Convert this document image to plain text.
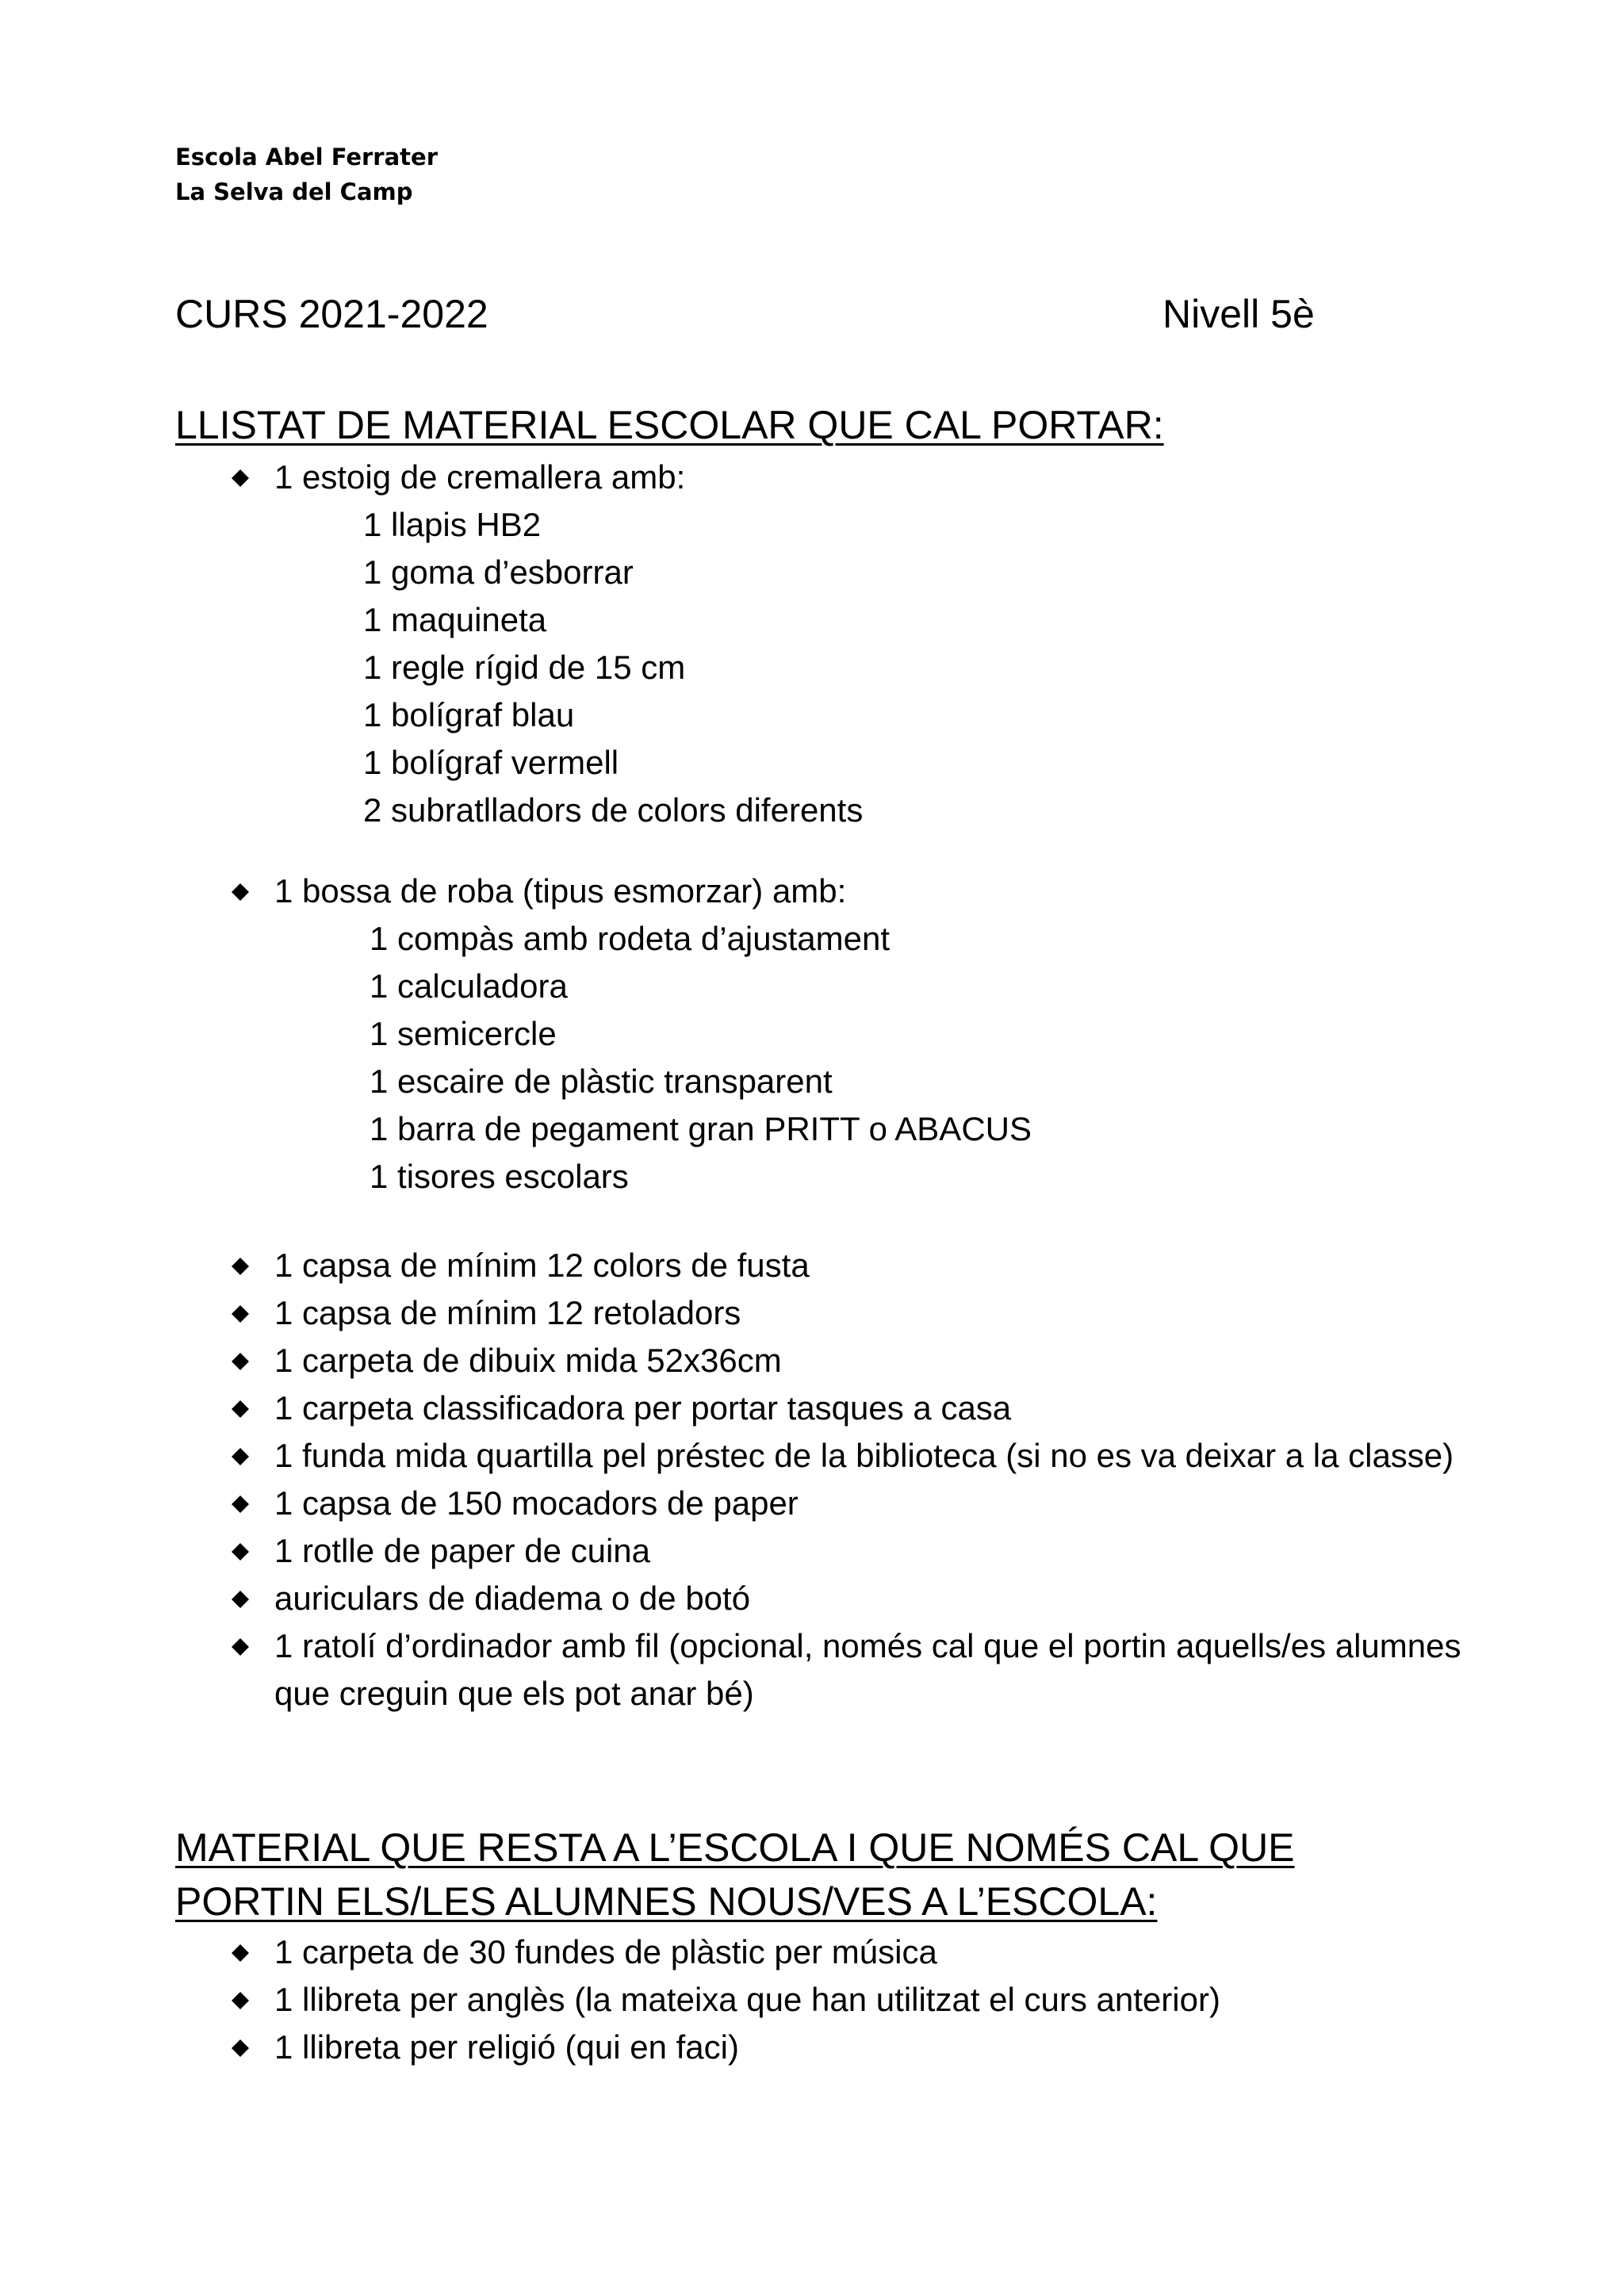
Escola Abel Ferrater
La Selva del Camp
CURS 2021-2022	Nivell 5è
LLISTAT DE MATERIAL ESCOLAR QUE CAL PORTAR:
1 estoig de cremallera amb:
1 llapis HB2
1 goma d’esborrar
1 maquineta
1 regle rígid de 15 cm
1 bolígraf blau
1 bolígraf vermell
2 subratlladors de colors diferents
1 bossa de roba (tipus esmorzar) amb:
1 compàs amb rodeta d’ajustament
1 calculadora
1 semicercle
1 escaire de plàstic transparent
1 barra de pegament gran PRITT o ABACUS
1 tisores escolars
1 capsa de mínim 12 colors de fusta
1 capsa de mínim 12 retoladors
1 carpeta de dibuix mida 52x36cm
1 carpeta classificadora per portar tasques a casa
1 funda mida quartilla pel préstec de la biblioteca (si no es va deixar a la classe)
1 capsa de 150 mocadors de paper
1 rotlle de paper de cuina
auriculars de diadema o de botó
1 ratolí d’ordinador amb fil (opcional, només cal que el portin aquells/es alumnes que creguin que els pot anar bé)
MATERIAL QUE RESTA A L’ESCOLA I QUE NOMÉS CAL QUE
PORTIN ELS/LES ALUMNES NOUS/VES A L’ESCOLA:
1 carpeta de 30 fundes de plàstic per música
1 llibreta per anglès (la mateixa que han utilitzat el curs anterior)
1 llibreta per religió (qui en faci)
